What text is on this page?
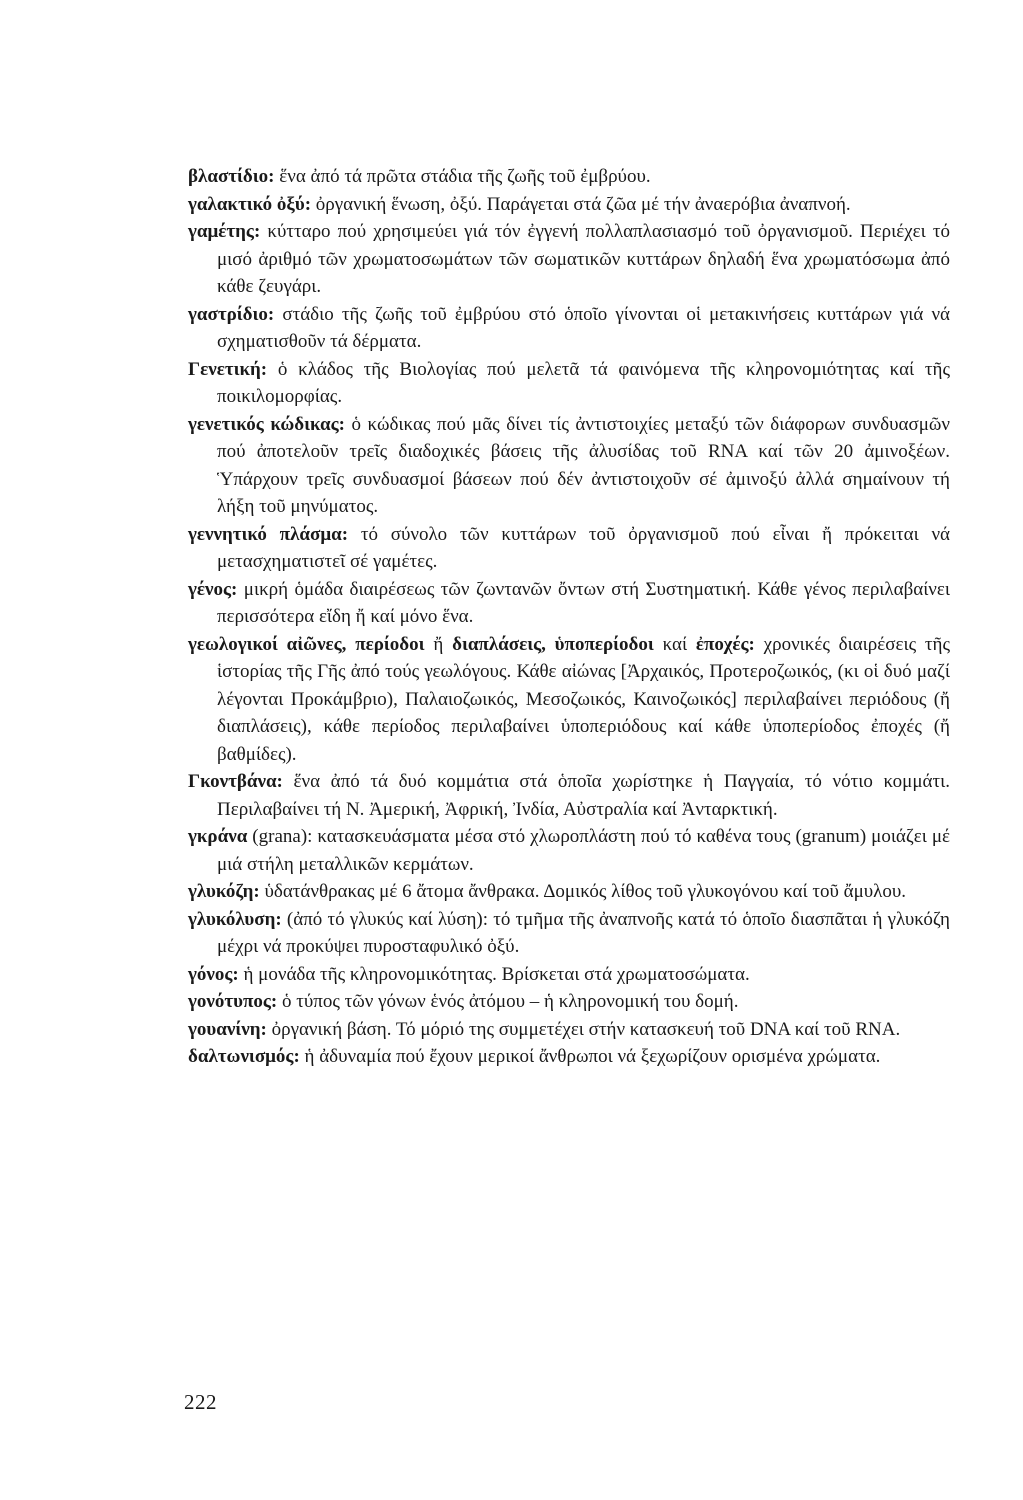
βλαστίδιο: ἕνα ἀπό τά πρῶτα στάδια τῆς ζωῆς τοῦ ἐμβρύου.

γαλακτικό ὀξύ: ὀργανική ἕνωση, ὀξύ. Παράγεται στά ζῶα μέ τήν ἀναερόβια ἀναπνοή.

γαμέτης: κύτταρο πού χρησιμεύει γιά τόν ἐγγενή πολλαπλασιασμό τοῦ ὀργανισμοῦ. Περιέχει τό μισό ἀριθμό τῶν χρωματοσωμάτων τῶν σωματικῶν κυττάρων δηλαδή ἕνα χρωματόσωμα ἀπό κάθε ζευγάρι.

γαστρίδιο: στάδιο τῆς ζωῆς τοῦ ἐμβρύου στό ὁποῖο γίνονται οἱ μετακινήσεις κυττάρων γιά νά σχηματισθοῦν τά δέρματα.

Γενετική: ὁ κλάδος τῆς Βιολογίας πού μελετᾶ τά φαινόμενα τῆς κληρονομιότητας καί τῆς ποικιλομορφίας.

γενετικός κώδικας: ὁ κώδικας πού μᾶς δίνει τίς ἀντιστοιχίες μεταξύ τῶν διάφορων συνδυασμῶν πού ἀποτελοῦν τρεῖς διαδοχικές βάσεις τῆς ἀλυσίδας τοῦ RNA καί τῶν 20 ἀμινοξέων. Ὑπάρχουν τρεῖς συνδυασμοί βάσεων πού δέν ἀντιστοιχοῦν σέ ἀμινοξύ ἀλλά σημαίνουν τή λήξη τοῦ μηνύματος.

γεννητικό πλάσμα: τό σύνολο τῶν κυττάρων τοῦ ὀργανισμοῦ πού εἶναι ἤ πρόκειται νά μετασχηματιστεῖ σέ γαμέτες.

γένος: μικρή ὁμάδα διαιρέσεως τῶν ζωντανῶν ὄντων στή Συστηματική. Κάθε γένος περιλαβαίνει περισσότερα εἴδη ἤ καί μόνο ἕνα.

γεωλογικοί αἰῶνες, περίοδοι ἤ διαπλάσεις, ὑποπερίοδοι καί ἐποχές: χρονικές διαιρέσεις τῆς ἱστορίας τῆς Γῆς ἀπό τούς γεωλόγους. Κάθε αἰώνας [Ἀρχαικός, Προτεροζωικός, (κι οἱ δυό μαζί λέγονται Προκάμβριο), Παλαιοζωικός, Μεσοζωικός, Καινοζωικός] περιλαβαίνει περιόδους (ἤ διαπλάσεις), κάθε περίοδος περιλαβαίνει ὑποπεριόδους καί κάθε ὑποπερίοδος ἐποχές (ἤ βαθμίδες).

Γκοντβάνα: ἕνα ἀπό τά δυό κομμάτια στά ὁποῖα χωρίστηκε ἡ Παγγαία, τό νότιο κομμάτι. Περιλαβαίνει τή Ν. Ἀμερική, Ἀφρική, Ἰνδία, Αὐστραλία καί Ἀνταρκτική.

γκράνα (grana): κατασκευάσματα μέσα στό χλωροπλάστη πού τό καθένα τους (granum) μοιάζει μέ μιά στήλη μεταλλικῶν κερμάτων.

γλυκόζη: ὑδατάνθρακας μέ 6 ἄτομα ἄνθρακα. Δομικός λίθος τοῦ γλυκογόνου καί τοῦ ἄμυλου.

γλυκόλυση: (ἀπό τό γλυκύς καί λύση): τό τμῆμα τῆς ἀναπνοῆς κατά τό ὁποῖο διασπᾶται ἡ γλυκόζη μέχρι νά προκύψει πυροσταφυλικό ὀξύ.

γόνος: ἡ μονάδα τῆς κληρονομικότητας. Βρίσκεται στά χρωματοσώματα.

γονότυπος: ὁ τύπος τῶν γόνων ἑνός ἀτόμου – ἡ κληρονομική του δομή.

γουανίνη: ὀργανική βάση. Τό μόριό της συμμετέχει στήν κατασκευή τοῦ DNA καί τοῦ RNA.

δαλτωνισμός: ἡ ἀδυναμία πού ἔχουν μερικοί ἄνθρωποι νά ξεχωρίζουν ορισμένα χρώματα.

222
